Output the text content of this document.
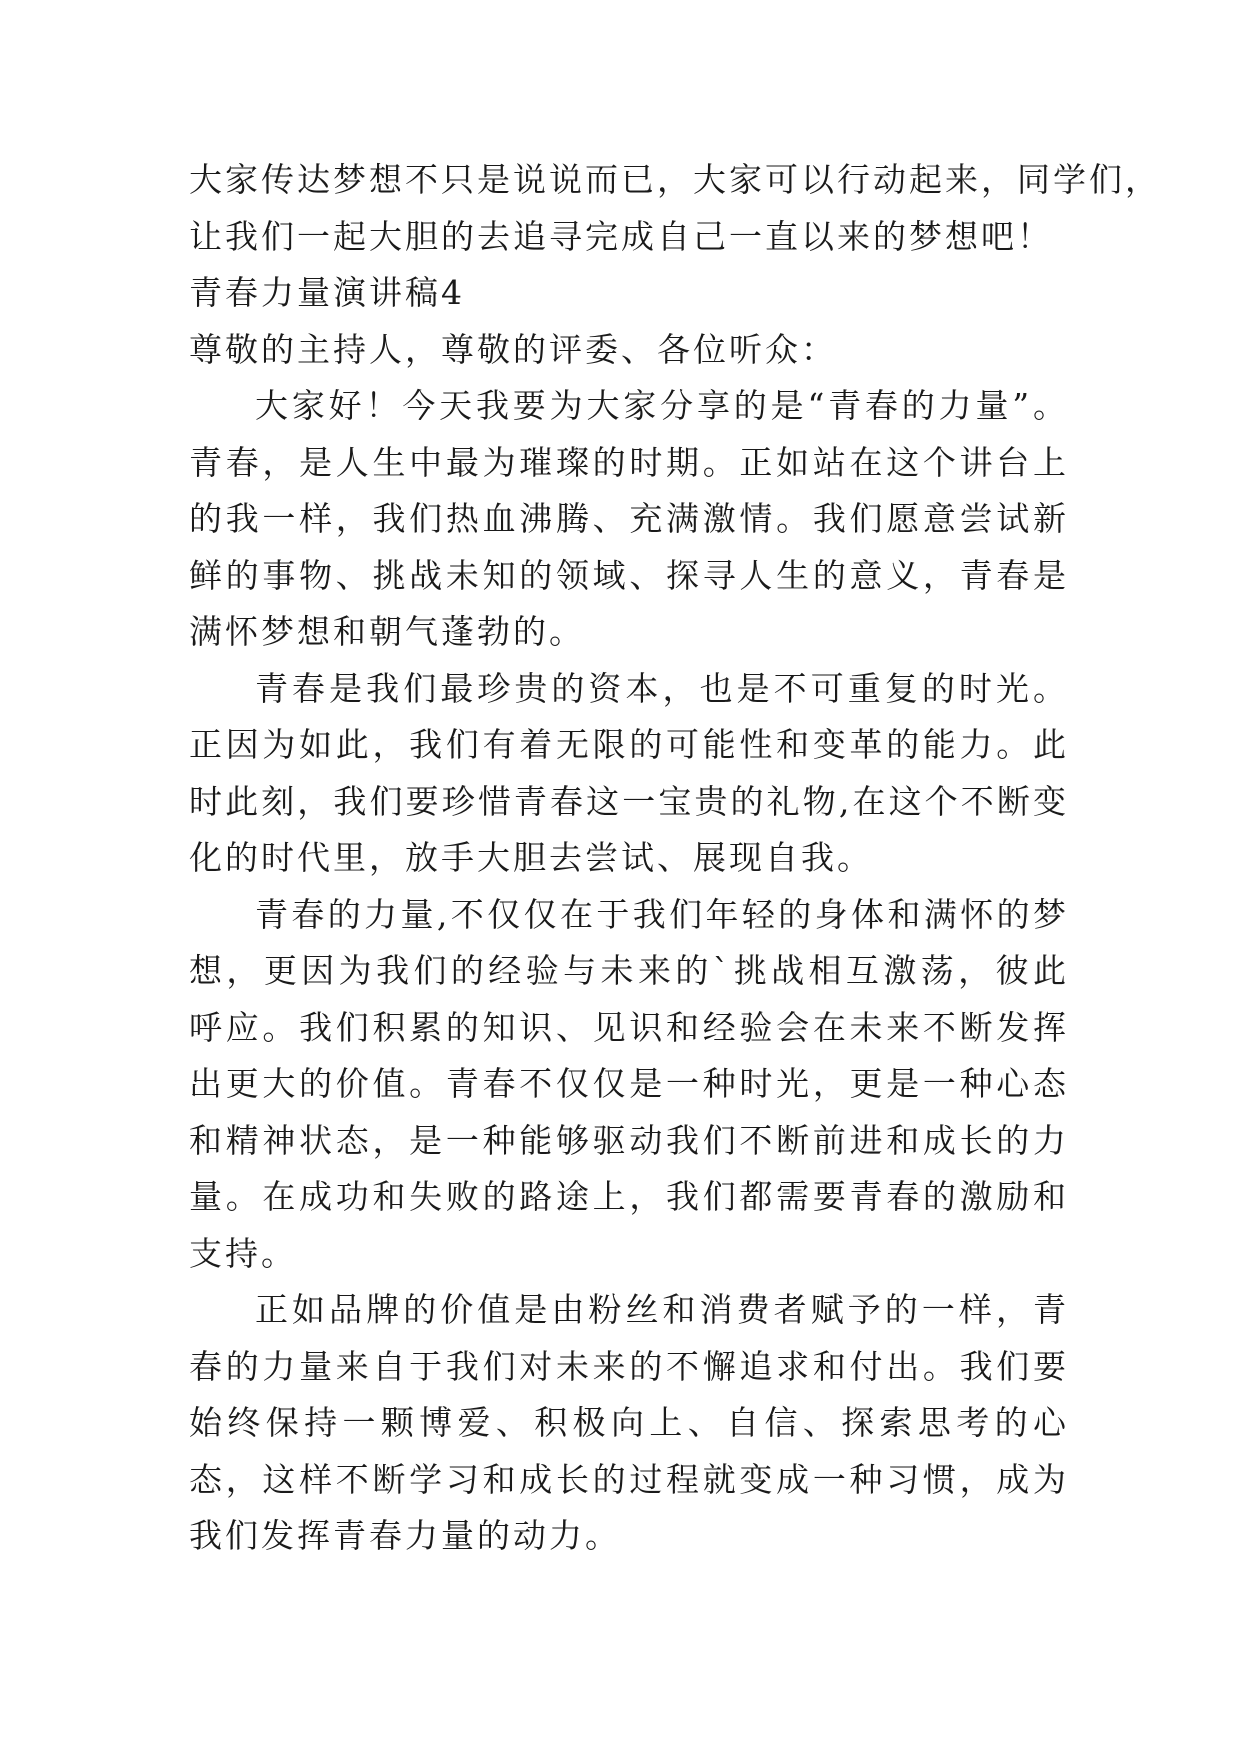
大家传达梦想不只是说说而已，大家可以行动起来，同学们，

让我们一起大胆的去追寻完成自己一直以来的梦想吧！

青春力量演讲稿4

尊敬的主持人，尊敬的评委、各位听众：

大家好！今天我要为大家分享的是“青春的力量”。 青春，是人生中最为璀璨的时期。正如站在这个讲台上的我一样，我们热血沸腾、充满激情。我们愿意尝试新鲜的事物、挑战未知的领域、探寻人生的意义，青春是满怀梦想和朝气蓬勃的。

青春是我们最珍贵的资本，也是不可重复的时光。正因为如此，我们有着无限的可能性和变革的能力。此时此刻，我们要珍惜青春这一宝贵的礼物,在这个不断变化的时代里，放手大胆去尝试、展现自我。

青春的力量,不仅仅在于我们年轻的身体和满怀的梦想，更因为我们的经验与未来的`挑战相互激荡，彼此呼应。我们积累的知识、见识和经验会在未来不断发挥出更大的价值。青春不仅仅是一种时光，更是一种心态和精神状态，是一种能够驱动我们不断前进和成长的力量。在成功和失败的路途上，我们都需要青春的激励和支持。

正如品牌的价值是由粉丝和消费者赋予的一样，青春的力量来自于我们对未来的不懈追求和付出。我们要始终保持一颗博爱、积极向上、自信、探索思考的心态，这样不断学习和成长的过程就变成一种习惯，成为我们发挥青春力量的动力。
